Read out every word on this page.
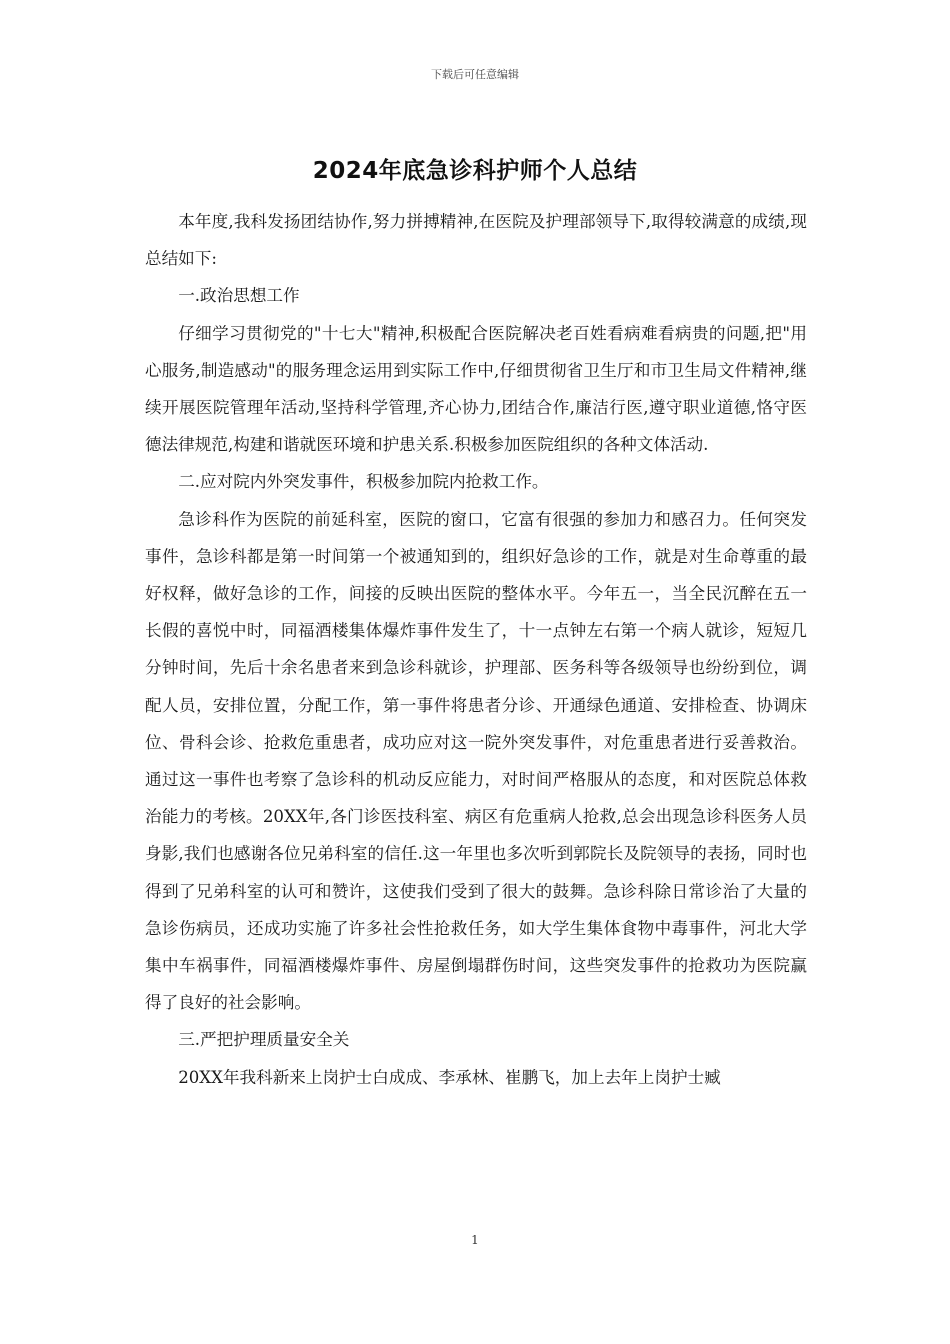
下载后可任意编辑
2024年底急诊科护师个人总结

本年度,我科发扬团结协作,努力拼搏精神,在医院及护理部领导下,取得较满意的成绩,现总结如下:

一.政治思想工作

仔细学习贯彻党的"十七大"精神,积极配合医院解决老百姓看病难看病贵的问题,把"用心服务,制造感动"的服务理念运用到实际工作中,仔细贯彻省卫生厅和市卫生局文件精神,继续开展医院管理年活动,坚持科学管理,齐心协力,团结合作,廉洁行医,遵守职业道德,恪守医德法律规范,构建和谐就医环境和护患关系.积极参加医院组织的各种文体活动.

二.应对院内外突发事件，积极参加院内抢救工作。

急诊科作为医院的前延科室，医院的窗口，它富有很强的参加力和感召力。任何突发事件，急诊科都是第一时间第一个被通知到的，组织好急诊的工作，就是对生命尊重的最好权释，做好急诊的工作，间接的反映出医院的整体水平。今年五一，当全民沉醉在五一长假的喜悦中时，同福酒楼集体爆炸事件发生了，十一点钟左右第一个病人就诊，短短几分钟时间，先后十余名患者来到急诊科就诊，护理部、医务科等各级领导也纷纷到位，调配人员，安排位置，分配工作，第一事件将患者分诊、开通绿色通道、安排检查、协调床位、骨科会诊、抢救危重患者，成功应对这一院外突发事件，对危重患者进行妥善救治。通过这一事件也考察了急诊科的机动反应能力，对时间严格服从的态度，和对医院总体救治能力的考核。20XX年,各门诊医技科室、病区有危重病人抢救,总会出现急诊科医务人员身影,我们也感谢各位兄弟科室的信任.这一年里也多次听到郭院长及院领导的表扬，同时也得到了兄弟科室的认可和赞许，这使我们受到了很大的鼓舞。急诊科除日常诊治了大量的急诊伤病员，还成功实施了许多社会性抢救任务，如大学生集体食物中毒事件，河北大学集中车祸事件，同福酒楼爆炸事件、房屋倒塌群伤时间，这些突发事件的抢救功为医院赢得了良好的社会影响。

三.严把护理质量安全关

20XX年我科新来上岗护士白成成、李承林、崔鹏飞，加上去年上岗护士臧

1
